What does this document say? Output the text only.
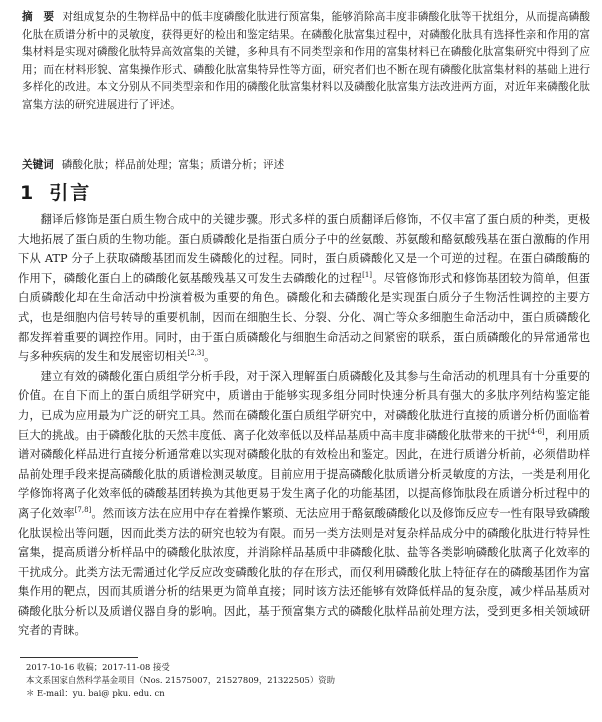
摘　要 对组成复杂的生物样品中的低丰度磷酸化肽进行预富集，能够消除高丰度非磷酸化肽等干扰组分，从而提高磷酸化肽在质谱分析中的灵敏度，获得更好的检出和鉴定结果。在磷酸化肽富集过程中，对磷酸化肽具有选择性亲和作用的富集材料是实现对磷酸化肽特异高效富集的关键，多种具有不同类型亲和作用的富集材料已在磷酸化肽富集研究中得到了应用；而在材料形貌、富集操作形式、磷酸化肽富集特异性等方面，研究者们也不断在现有磷酸化肽富集材料的基础上进行多样化的改进。本文分别从不同类型亲和作用的磷酸化肽富集材料以及磷酸化肽富集方法改进两方面，对近年来磷酸化肽富集方法的研究进展进行了评述。
关键词 磷酸化肽；样品前处理；富集；质谱分析；评述
1 引言

翻译后修饰是蛋白质生物合成中的关键步骤。形式多样的蛋白质翻译后修饰，不仅丰富了蛋白质的种类，更极大地拓展了蛋白质的生物功能。蛋白质磷酸化是指蛋白质分子中的丝氨酸、苏氨酸和酪氨酸残基在蛋白激酶的作用下从 ATP 分子上获取磷酸基团而发生磷酸化的过程。同时，蛋白质磷酸化又是一个可逆的过程。在蛋白磷酸酶的作用下，磷酸化蛋白上的磷酸化氨基酸残基又可发生去磷酸化的过程[1]。尽管修饰形式和修饰基团较为简单，但蛋白质磷酸化却在生命活动中扮演着极为重要的角色。磷酸化和去磷酸化是实现蛋白质分子生物活性调控的主要方式，也是细胞内信号转导的重要机制，因而在细胞生长、分裂、分化、凋亡等众多细胞生命活动中，蛋白质磷酸化都发挥着重要的调控作用。同时，由于蛋白质磷酸化与细胞生命活动之间紧密的联系，蛋白质磷酸化的异常通常也与多种疾病的发生和发展密切相关[2,3]。

建立有效的磷酸化蛋白质组学分析手段，对于深入理解蛋白质磷酸化及其参与生命活动的机理具有十分重要的价值。在自下而上的蛋白质组学研究中，质谱由于能够实现多组分同时快速分析具有强大的多肽序列结构鉴定能力，已成为应用最为广泛的研究工具。然而在磷酸化蛋白质组学研究中，对磷酸化肽进行直接的质谱分析仍面临着巨大的挑战。由于磷酸化肽的天然丰度低、离子化效率低以及样品基质中高丰度非磷酸化肽带来的干扰[4-6]，利用质谱对磷酸化样品进行直接分析通常难以实现对磷酸化肽的有效检出和鉴定。因此，在进行质谱分析前，必须借助样品前处理手段来提高磷酸化肽的质谱检测灵敏度。目前应用于提高磷酸化肽质谱分析灵敏度的方法，一类是利用化学修饰将离子化效率低的磷酸基团转换为其他更易于发生离子化的功能基团，以提高修饰肽段在质谱分析过程中的离子化效率[7,8]。然而该方法在应用中存在着操作繁琐、无法应用于酪氨酸磷酸化以及修饰反应专一性有限导致磷酸化肽误检出等问题，因而此类方法的研究也较为有限。而另一类方法则是对复杂样品成分中的磷酸化肽进行特异性富集，提高质谱分析样品中的磷酸化肽浓度，并消除样品基质中非磷酸化肽、盐等各类影响磷酸化肽离子化效率的干扰成分。此类方法无需通过化学反应改变磷酸化肽的存在形式，而仅利用磷酸化肽上特征存在的磷酸基团作为富集作用的靶点，因而其质谱分析的结果更为简单直接；同时该方法还能够有效降低样品的复杂度，减少样品基质对磷酸化肽分析以及质谱仪器自身的影响。因此，基于预富集方式的磷酸化肽样品前处理方法，受到更多相关领域研究者的青睐。

2017-10-16 收稿；2017-11-08 接受
本文系国家自然科学基金项目（Nos. 21575007，21527809，21322505）资助
＊ E-mail：yu. bai@ pku. edu. cn
